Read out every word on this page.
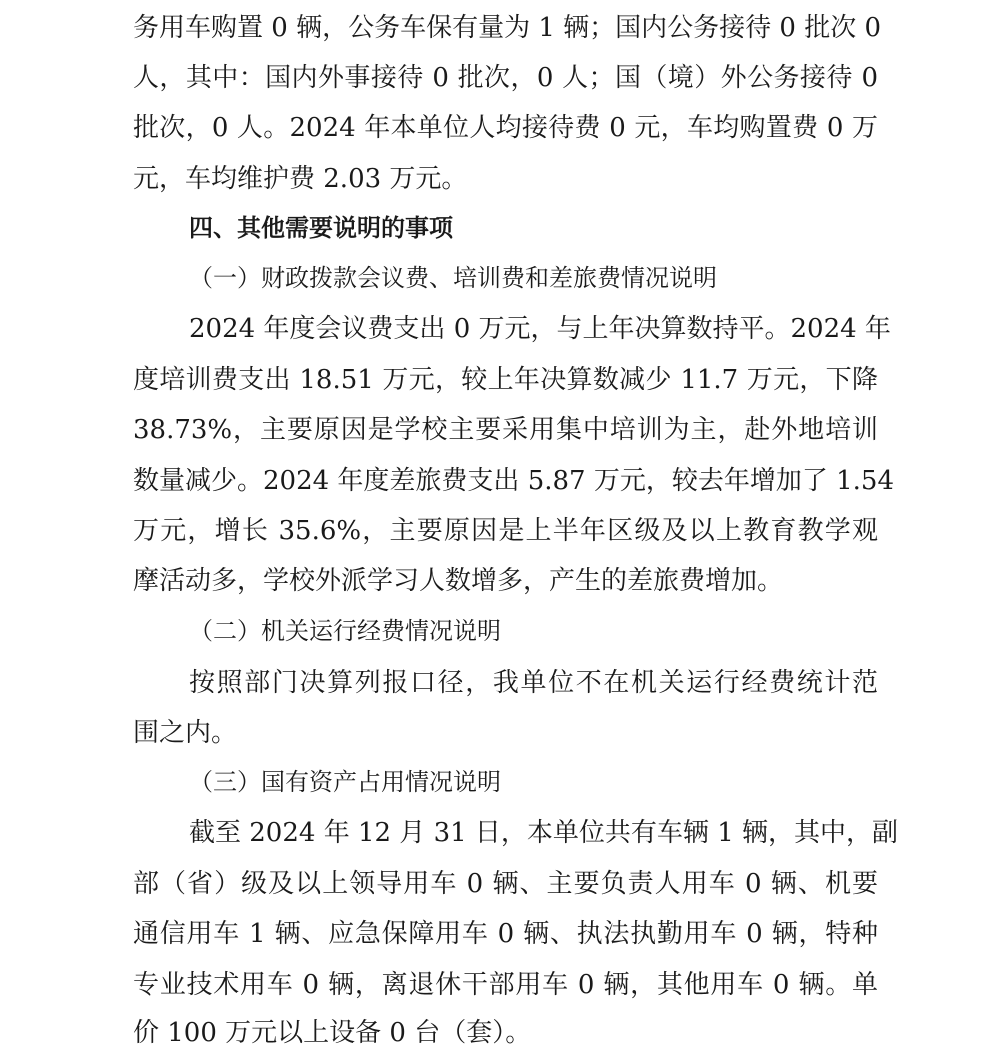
务用车购置 0 辆，公务车保有量为 1 辆；国内公务接待 0 批次 0
人，其中：国内外事接待 0 批次，0 人；国（境）外公务接待 0
批次，0 人。2024 年本单位人均接待费 0 元，车均购置费 0 万
元，车均维护费 2.03 万元。
四、其他需要说明的事项
（一）财政拨款会议费、培训费和差旅费情况说明
2024 年度会议费支出 0 万元，与上年决算数持平。2024 年
度培训费支出 18.51 万元，较上年决算数减少 11.7 万元，下降
38.73%，主要原因是学校主要采用集中培训为主，赴外地培训
数量减少。2024 年度差旅费支出 5.87 万元，较去年增加了 1.54
万元，增长 35.6%，主要原因是上半年区级及以上教育教学观
摩活动多，学校外派学习人数增多，产生的差旅费增加。
（二）机关运行经费情况说明
按照部门决算列报口径，我单位不在机关运行经费统计范
围之内。
（三）国有资产占用情况说明
截至 2024 年 12 月 31 日，本单位共有车辆 1 辆，其中，副
部（省）级及以上领导用车 0 辆、主要负责人用车 0 辆、机要
通信用车 1 辆、应急保障用车 0 辆、执法执勤用车 0 辆，特种
专业技术用车 0 辆，离退休干部用车 0 辆，其他用车 0 辆。单
价 100 万元以上设备 0 台（套）。
